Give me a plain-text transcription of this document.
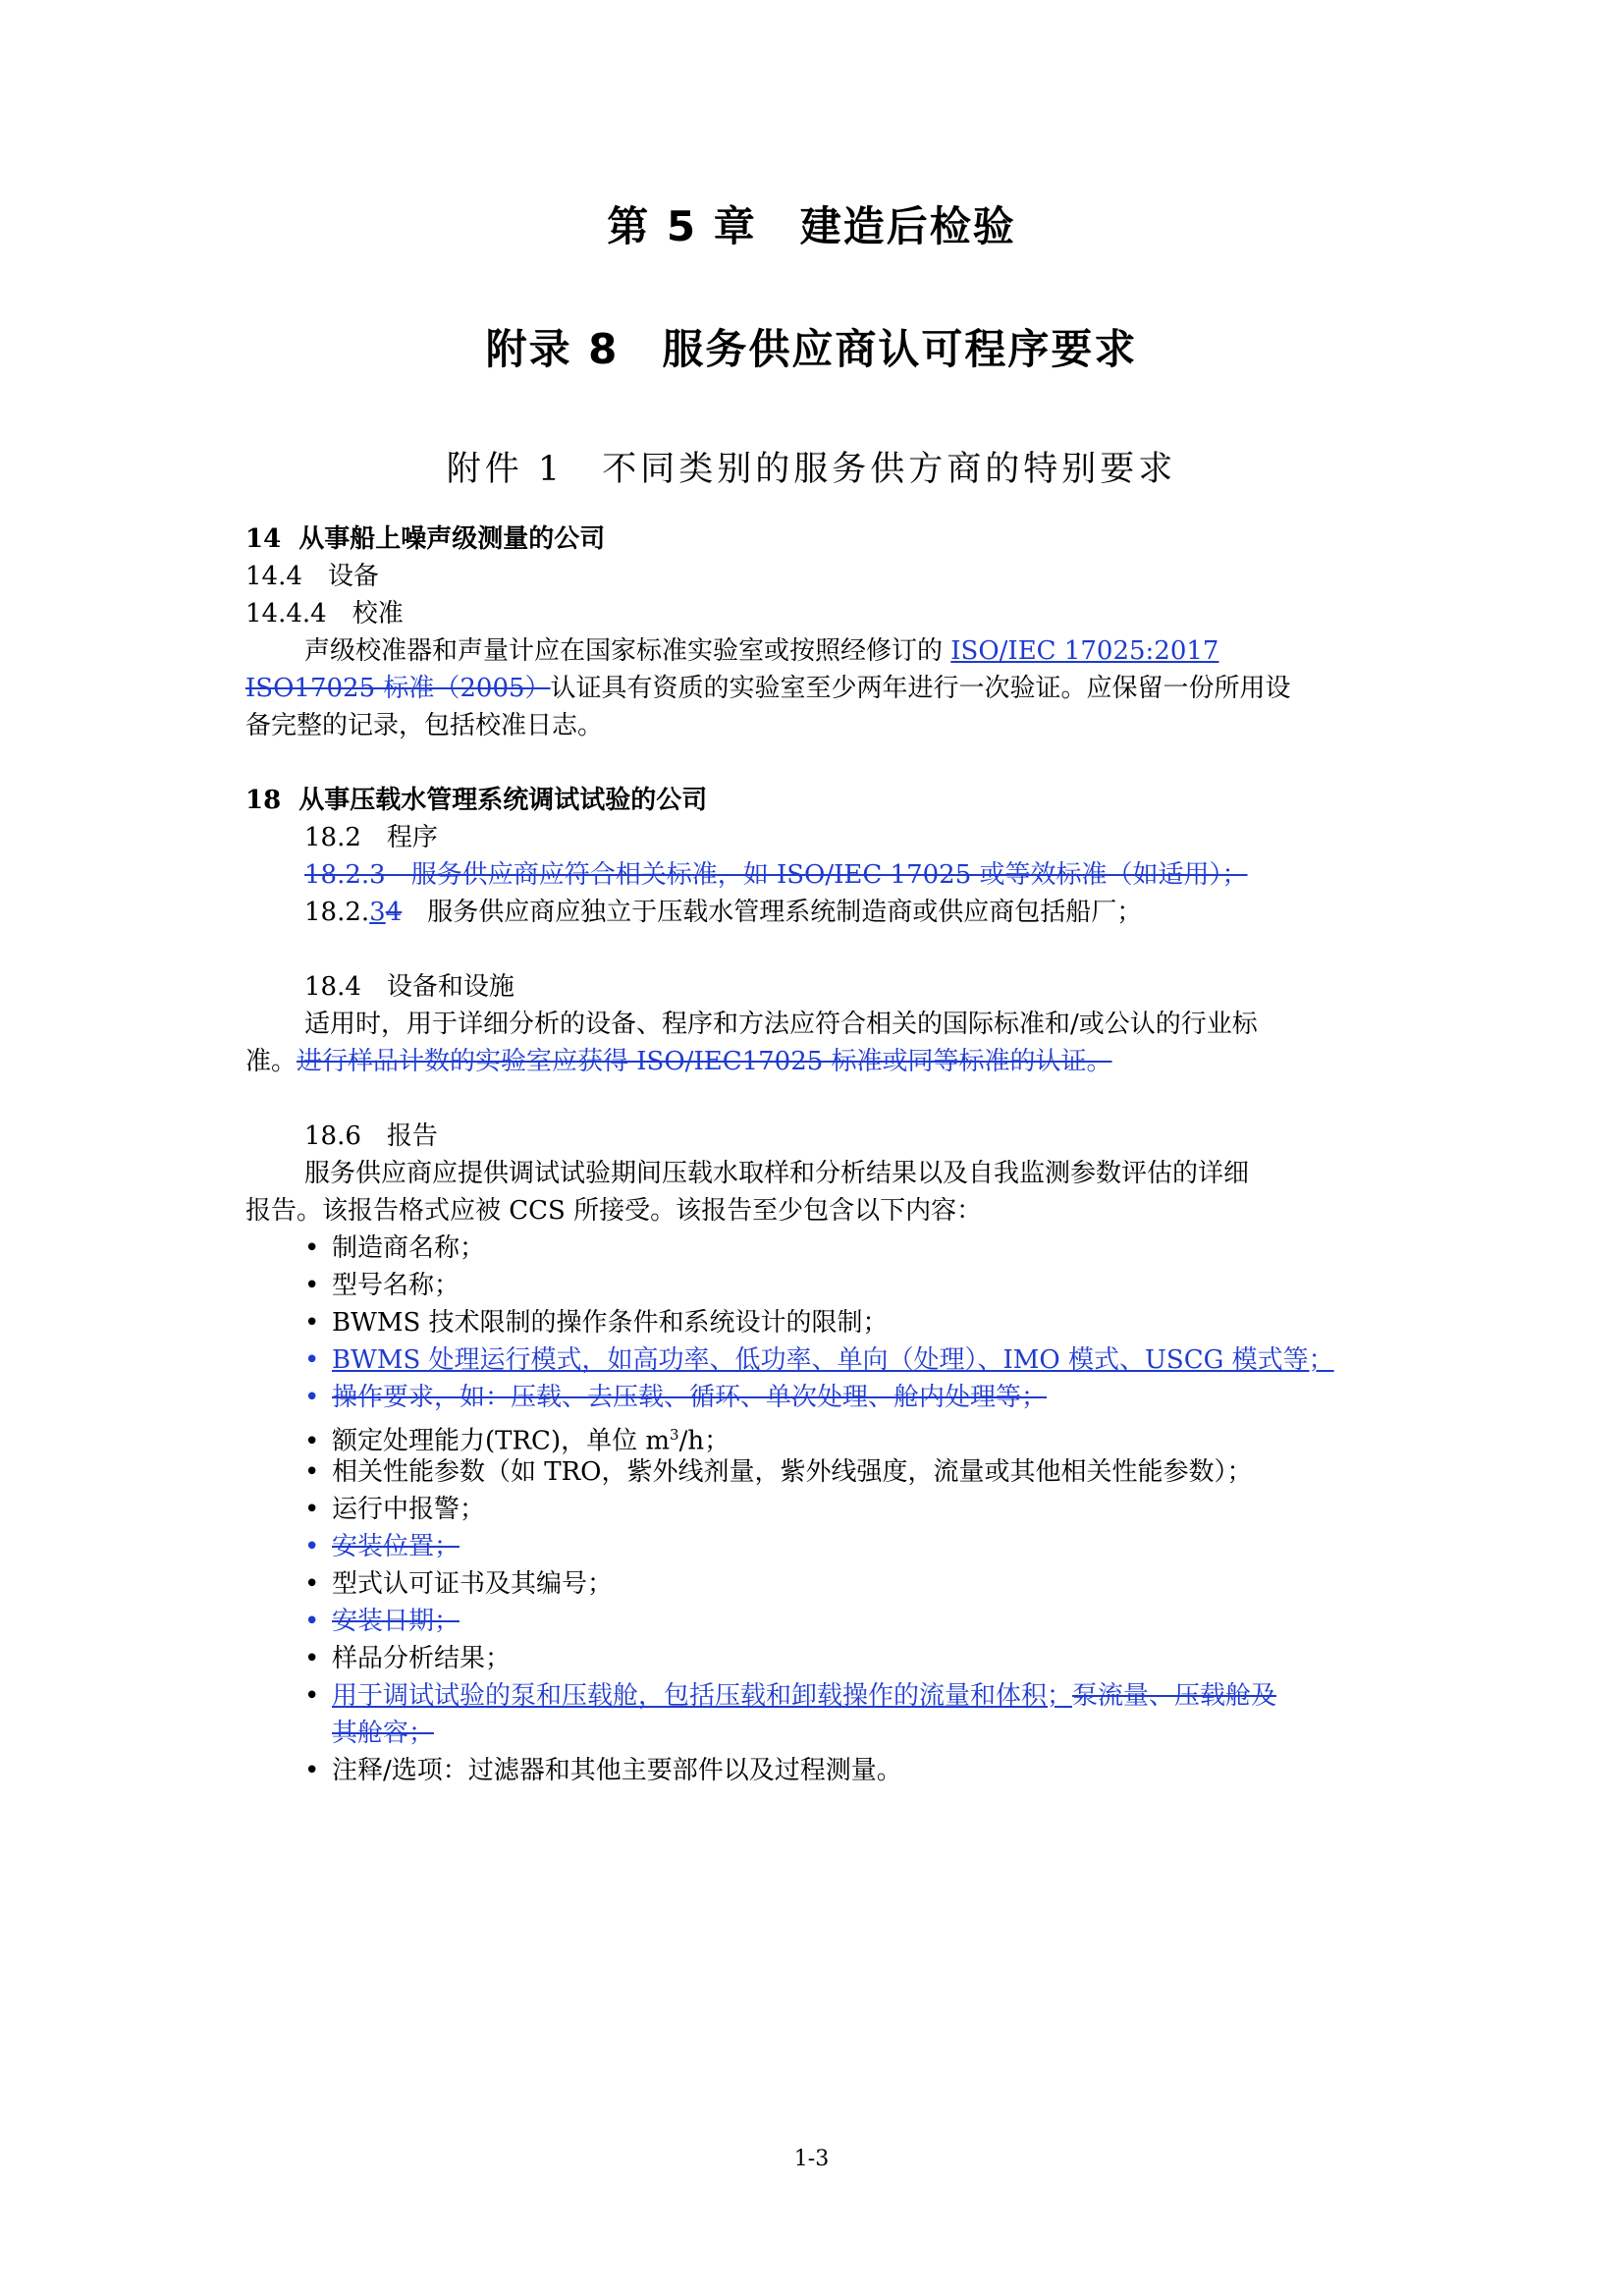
第 5 章　建造后检验
附录 8　服务供应商认可程序要求
附件 1　不同类别的服务供方商的特别要求
14 从事船上噪声级测量的公司
14.4　设备
14.4.4　校准
声级校准器和声量计应在国家标准实验室或按照经修订的 ISO/IEC 17025:2017
ISO17025 标准（2005）认证具有资质的实验室至少两年进行一次验证。应保留一份所用设
备完整的记录，包括校准日志。
18 从事压载水管理系统调试试验的公司
18.2　程序
18.2.3　服务供应商应符合相关标准，如 ISO/IEC 17025 或等效标准（如适用）；
18.2.34　服务供应商应独立于压载水管理系统制造商或供应商包括船厂；
18.4　设备和设施
适用时，用于详细分析的设备、程序和方法应符合相关的国际标准和/或公认的行业标
准。进行样品计数的实验室应获得 ISO/IEC17025 标准或同等标准的认证。
18.6　报告
服务供应商应提供调试试验期间压载水取样和分析结果以及自我监测参数评估的详细
报告。该报告格式应被 CCS 所接受。该报告至少包含以下内容：
• 制造商名称；
• 型号名称；
• BWMS 技术限制的操作条件和系统设计的限制；
• BWMS 处理运行模式，如高功率、低功率、单向（处理）、IMO 模式、USCG 模式等；
• 操作要求，如：压载、去压载、循环、单次处理、舱内处理等；
• 额定处理能力(TRC)，单位 $m^3/h$；
• 相关性能参数（如 TRO，紫外线剂量，紫外线强度，流量或其他相关性能参数）；
• 运行中报警；
• 安装位置；
• 型式认可证书及其编号；
• 安装日期；
• 样品分析结果；
• 用于调试试验的泵和压载舱，包括压载和卸载操作的流量和体积；泵流量、压载舱及
其舱容；
• 注释/选项：过滤器和其他主要部件以及过程测量。
1-3
